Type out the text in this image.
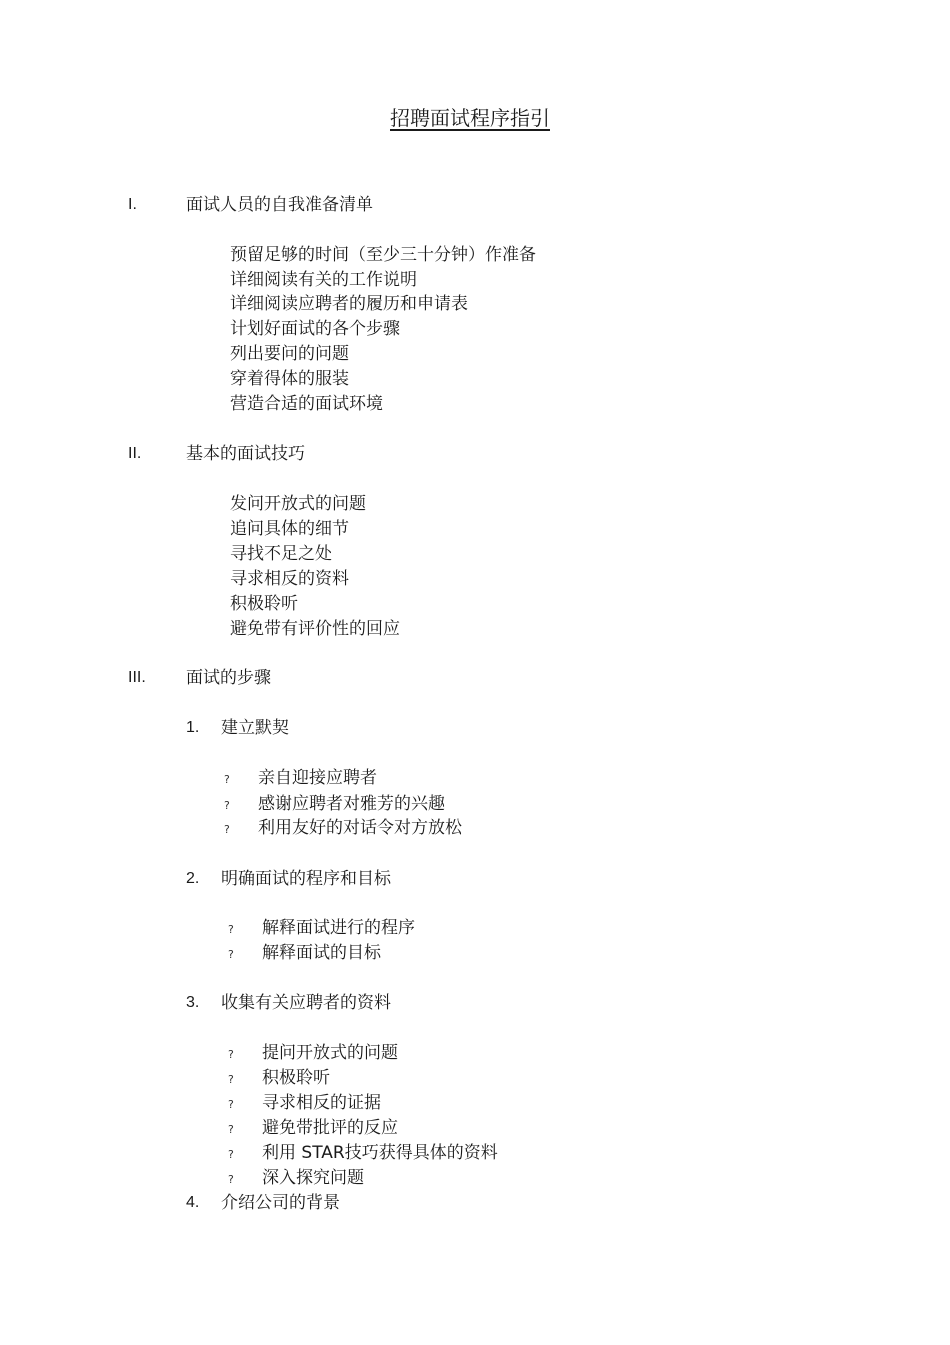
招聘面试程序指引
I.	面试人员的自我准备清单
预留足够的时间（至少三十分钟）作准备
详细阅读有关的工作说明
详细阅读应聘者的履历和申请表
计划好面试的各个步骤
列出要问的问题
穿着得体的服装
营造合适的面试环境
II.	基本的面试技巧
发问开放式的问题
追问具体的细节
寻找不足之处
寻求相反的资料
积极聆听
避免带有评价性的回应
III. 面试的步骤
1. 建立默契
? 亲自迎接应聘者
? 感谢应聘者对雅芳的兴趣
? 利用友好的对话令对方放松
2. 明确面试的程序和目标
? 解释面试进行的程序
? 解释面试的目标
3. 收集有关应聘者的资料
? 提问开放式的问题
? 积极聆听
? 寻求相反的证据
? 避免带批评的反应
? 利用 STAR技巧获得具体的资料
? 深入探究问题
4. 介绍公司的背景
